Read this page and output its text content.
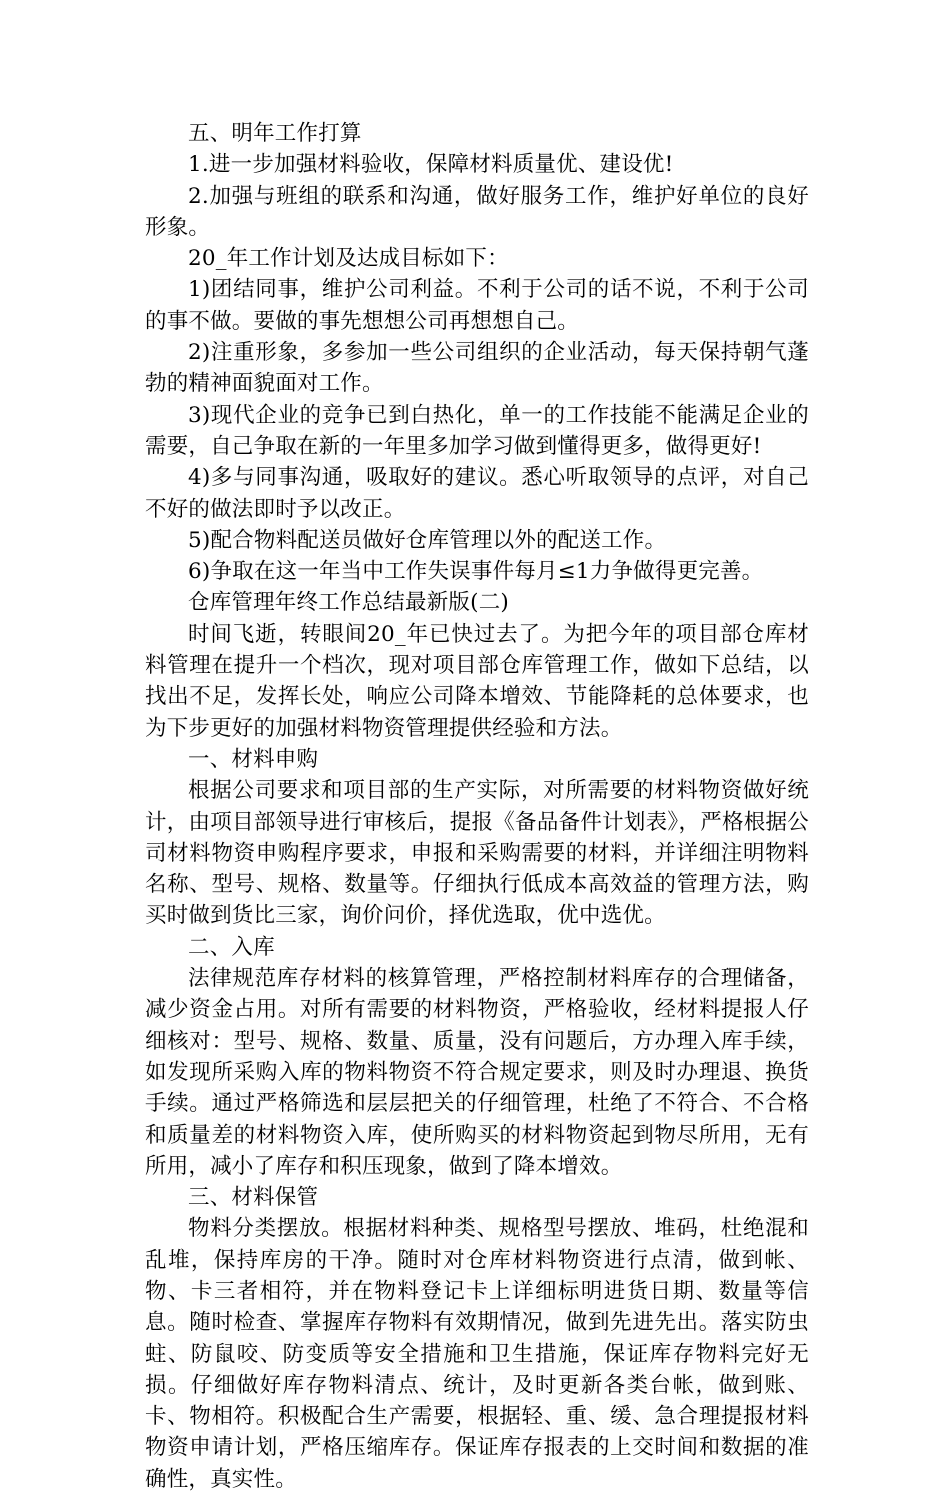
五、明年工作打算

1.进一步加强材料验收，保障材料质量优、建设优!

2.加强与班组的联系和沟通，做好服务工作，维护好单位的良好形象。

20_年工作计划及达成目标如下：

1)团结同事，维护公司利益。不利于公司的话不说，不利于公司的事不做。要做的事先想想公司再想想自己。

2)注重形象，多参加一些公司组织的企业活动，每天保持朝气蓬勃的精神面貌面对工作。

3)现代企业的竞争已到白热化，单一的工作技能不能满足企业的需要，自己争取在新的一年里多加学习做到懂得更多，做得更好!

4)多与同事沟通，吸取好的建议。悉心听取领导的点评，对自己不好的做法即时予以改正。

5)配合物料配送员做好仓库管理以外的配送工作。

6)争取在这一年当中工作失误事件每月≤1力争做得更完善。

仓库管理年终工作总结最新版(二)

时间飞逝，转眼间20_年已快过去了。为把今年的项目部仓库材料管理在提升一个档次，现对项目部仓库管理工作，做如下总结，以找出不足，发挥长处，响应公司降本增效、节能降耗的总体要求，也为下步更好的加强材料物资管理提供经验和方法。

一、材料申购

根据公司要求和项目部的生产实际，对所需要的材料物资做好统计，由项目部领导进行审核后，提报《备品备件计划表》，严格根据公司材料物资申购程序要求，申报和采购需要的材料，并详细注明物料名称、型号、规格、数量等。仔细执行低成本高效益的管理方法，购买时做到货比三家，询价问价，择优选取，优中选优。

二、入库

法律规范库存材料的核算管理，严格控制材料库存的合理储备，减少资金占用。对所有需要的材料物资，严格验收，经材料提报人仔细核对：型号、规格、数量、质量，没有问题后，方办理入库手续，如发现所采购入库的物料物资不符合规定要求，则及时办理退、换货手续。通过严格筛选和层层把关的仔细管理，杜绝了不符合、不合格和质量差的材料物资入库，使所购买的材料物资起到物尽所用，无有所用，减小了库存和积压现象，做到了降本增效。

三、材料保管

物料分类摆放。根据材料种类、规格型号摆放、堆码，杜绝混和乱堆，保持库房的干净。随时对仓库材料物资进行点清，做到帐、物、卡三者相符，并在物料登记卡上详细标明进货日期、数量等信息。随时检查、掌握库存物料有效期情况，做到先进先出。落实防虫蛀、防鼠咬、防变质等安全措施和卫生措施，保证库存物料完好无损。仔细做好库存物料清点、统计，及时更新各类台帐，做到账、卡、物相符。积极配合生产需要，根据轻、重、缓、急合理提报材料物资申请计划，严格压缩库存。保证库存报表的上交时间和数据的准确性，真实性。
